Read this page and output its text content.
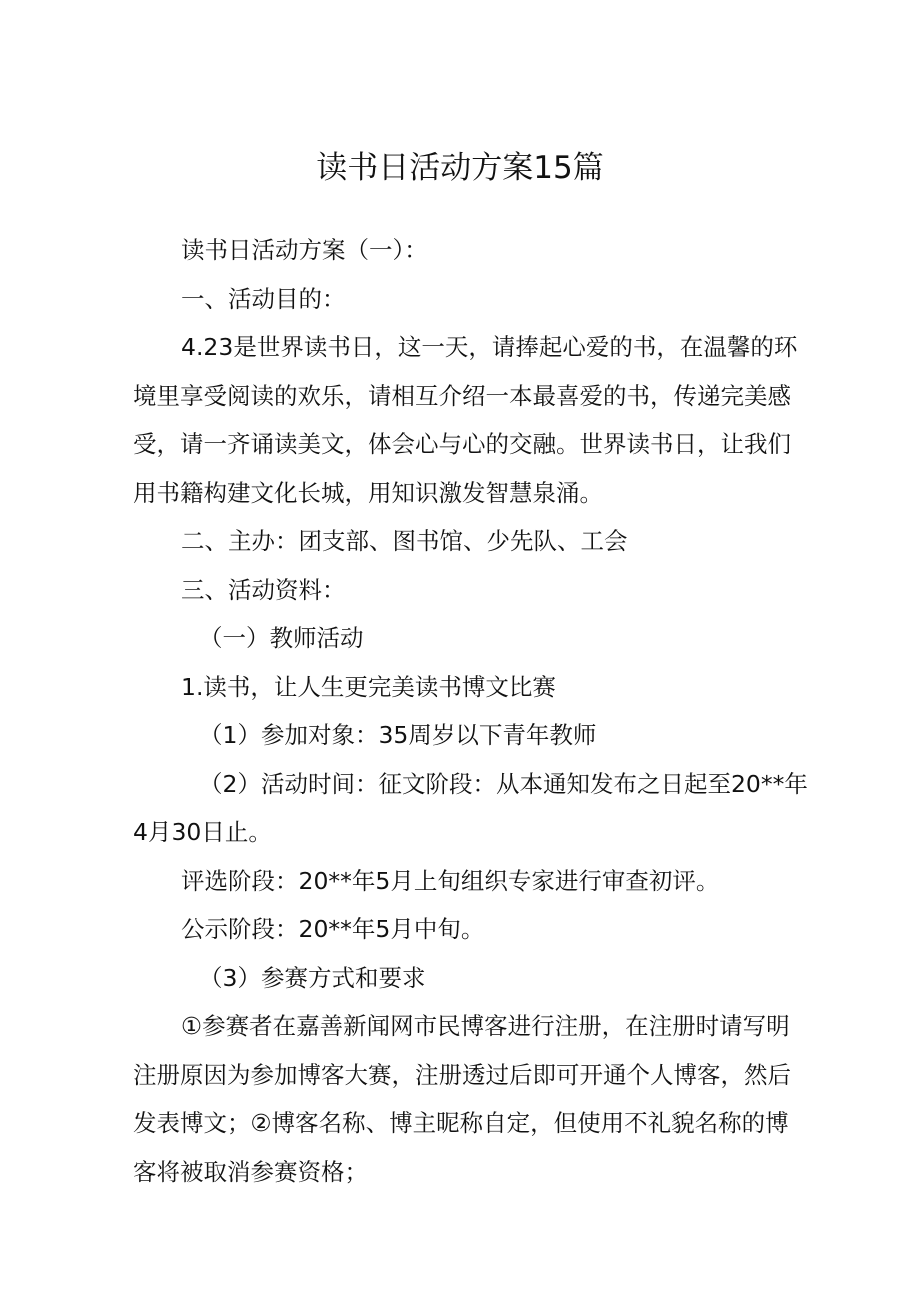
读书日活动方案15篇
读书日活动方案（一）：
一、活动目的：
4.23是世界读书日，这一天，请捧起心爱的书，在温馨的环
境里享受阅读的欢乐，请相互介绍一本最喜爱的书，传递完美感
受，请一齐诵读美文，体会心与心的交融。世界读书日，让我们
用书籍构建文化长城，用知识激发智慧泉涌。
二、主办：团支部、图书馆、少先队、工会
三、活动资料：
（一）教师活动
1.读书，让人生更完美读书博文比赛
（1）参加对象：35周岁以下青年教师
（2）活动时间：征文阶段：从本通知发布之日起至20**年
4月30日止。
评选阶段：20**年5月上旬组织专家进行审查初评。
公示阶段：20**年5月中旬。
（3）参赛方式和要求
①参赛者在嘉善新闻网市民博客进行注册，在注册时请写明
注册原因为参加博客大赛，注册透过后即可开通个人博客，然后
发表博文；②博客名称、博主昵称自定，但使用不礼貌名称的博
客将被取消参赛资格；
